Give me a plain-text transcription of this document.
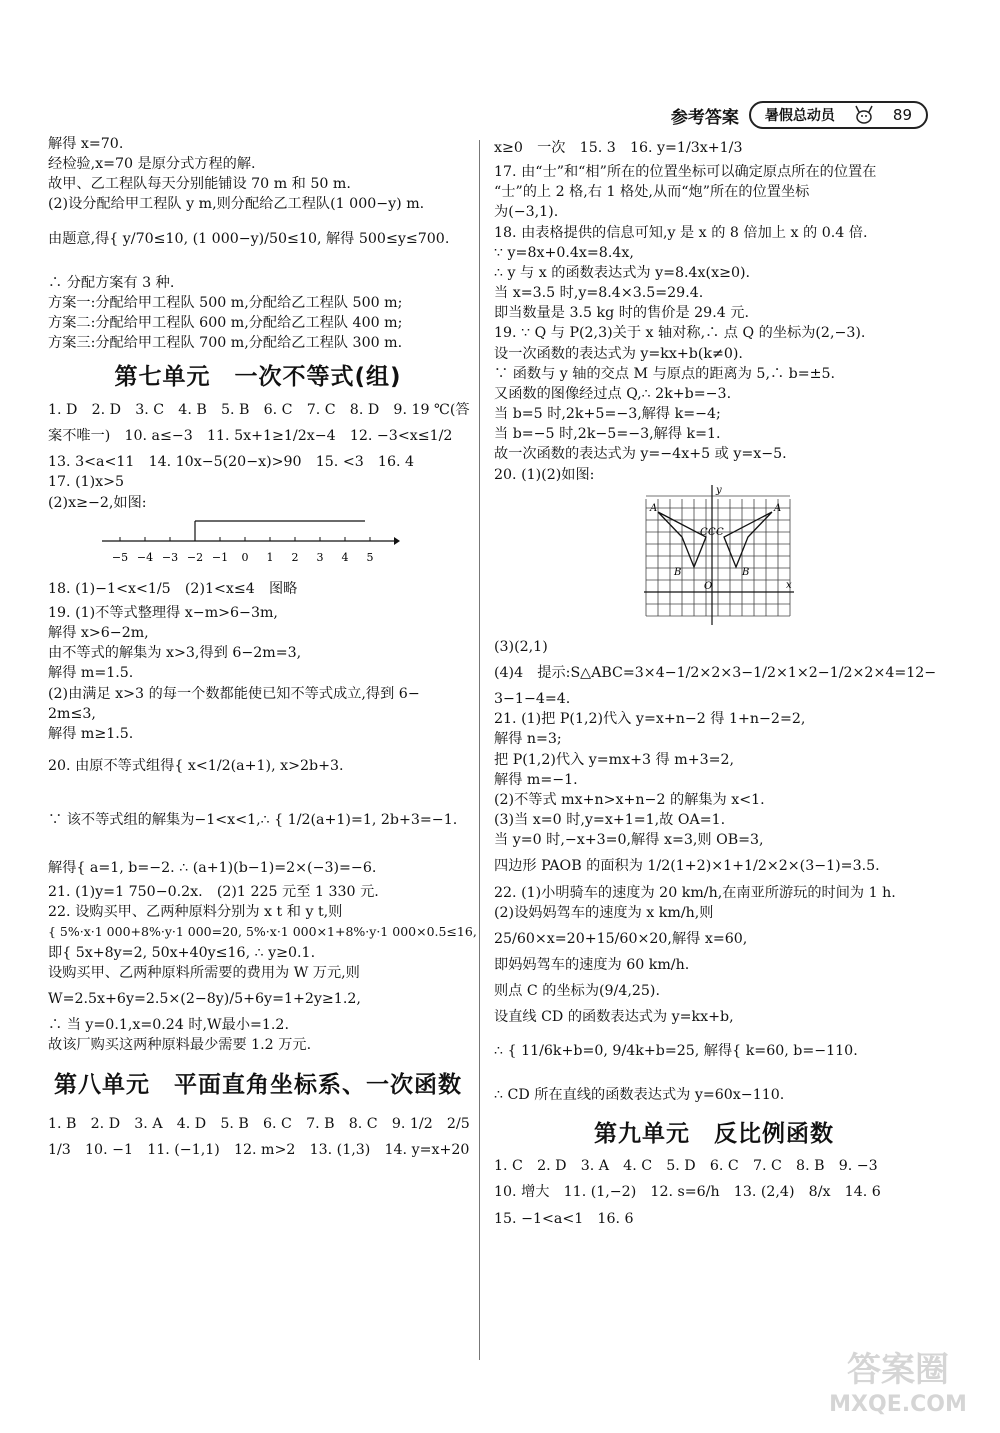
参考答案 暑假总动员	89
解得 x=70.
经检验,x=70 是原分式方程的解.
故甲、乙工程队每天分别能铺设 70 m 和 50 m.
(2)设分配给甲工程队 y m,则分配给乙工程队(1 000−y) m.
由题意,得{ y/70≤10, (1 000−y)/50≤10, 解得 500≤y≤700.
∴ 分配方案有 3 种.
方案一:分配给甲工程队 500 m,分配给乙工程队 500 m;
方案二:分配给甲工程队 600 m,分配给乙工程队 400 m;
方案三:分配给甲工程队 700 m,分配给乙工程队 300 m.
第七单元　一次不等式(组)
1. D　2. D　3. C　4. B　5. B　6. C　7. C　8. D　9. 19 ℃(答
案不唯一)　10. a≤−3　11. 5x+1≥1/2x−4　12. −3<x≤1/2
13. 3<a<11　14. 10x−5(20−x)>90　15. <3　16. 4
17. (1)x>5
(2)x≥−2,如图:
−5 −4 −3 −2 −1 0 1 2 3 4 5
18. (1)−1<x<1/5　(2)1<x≤4　图略
19. (1)不等式整理得 x−m>6−3m,
解得 x>6−2m,
由不等式的解集为 x>3,得到 6−2m=3,
解得 m=1.5.
(2)由满足 x>3 的每一个数都能使已知不等式成立,得到 6−
2m≤3,
解得 m≥1.5.
20. 由原不等式组得{ x<1/2(a+1), x>2b+3.
∵ 该不等式组的解集为−1<x<1,∴ { 1/2(a+1)=1, 2b+3=−1.
解得{ a=1, b=−2. ∴ (a+1)(b−1)=2×(−3)=−6.
21. (1)y=1 750−0.2x.　(2)1 225 元至 1 330 元.
22. 设购买甲、乙两种原料分别为 x t 和 y t,则
{ 5%·x·1 000+8%·y·1 000=20, 5%·x·1 000×1+8%·y·1 000×0.5≤16,
即{ 5x+8y=2, 50x+40y≤16, ∴ y≥0.1.
设购买甲、乙两种原料所需要的费用为 W 万元,则
W=2.5x+6y=2.5×(2−8y)/5+6y=1+2y≥1.2,
∴ 当 y=0.1,x=0.24 时,W最小=1.2.
故该厂购买这两种原料最少需要 1.2 万元.
第八单元　平面直角坐标系、一次函数
1. B　2. D　3. A　4. D　5. B　6. C　7. B　8. C　9. 1/2　2/5
1/3　10. −1　11. (−1,1)　12. m>2　13. (1,3)　14. y=x+20
x≥0　一次　15. 3　16. y=1/3x+1/3
17. 由“士”和“相”所在的位置坐标可以确定原点所在的位置在
“士”的上 2 格,右 1 格处,从而“炮”所在的位置坐标
为(−3,1).
18. 由表格提供的信息可知,y 是 x 的 8 倍加上 x 的 0.4 倍.
∵ y=8x+0.4x=8.4x,
∴ y 与 x 的函数表达式为 y=8.4x(x≥0).
当 x=3.5 时,y=8.4×3.5=29.4.
即当数量是 3.5 kg 时的售价是 29.4 元.
19. ∵ Q 与 P(2,3)关于 x 轴对称,∴ 点 Q 的坐标为(2,−3).
设一次函数的表达式为 y=kx+b(k≠0).
∵ 函数与 y 轴的交点 M 与原点的距离为 5,∴ b=±5.
又函数的图像经过点 Q,∴ 2k+b=−3.
当 b=5 时,2k+5=−3,解得 k=−4;
当 b=−5 时,2k−5=−3,解得 k=1.
故一次函数的表达式为 y=−4x+5 或 y=x−5.
20. (1)(2)如图:
A
B
C C C
A
B
O
y
x
(3)(2,1)
(4)4　提示:S△ABC=3×4−1/2×2×3−1/2×1×2−1/2×2×4=12−
3−1−4=4.
21. (1)把 P(1,2)代入 y=x+n−2 得 1+n−2=2,
解得 n=3;
把 P(1,2)代入 y=mx+3 得 m+3=2,
解得 m=−1.
(2)不等式 mx+n>x+n−2 的解集为 x<1.
(3)当 x=0 时,y=x+1=1,故 OA=1.
当 y=0 时,−x+3=0,解得 x=3,则 OB=3,
四边形 PAOB 的面积为 1/2(1+2)×1+1/2×2×(3−1)=3.5.
22. (1)小明骑车的速度为 20 km/h,在南亚所游玩的时间为 1 h.
(2)设妈妈驾车的速度为 x km/h,则
25/60×x=20+15/60×20,解得 x=60,
即妈妈驾车的速度为 60 km/h.
则点 C 的坐标为(9/4,25).
设直线 CD 的函数表达式为 y=kx+b,
∴ { 11/6k+b=0, 9/4k+b=25, 解得{ k=60, b=−110.
∴ CD 所在直线的函数表达式为 y=60x−110.
第九单元　反比例函数
1. C　2. D　3. A　4. C　5. D　6. C　7. C　8. B　9. −3
10. 增大　11. (1,−2)　12. s=6/h　13. (2,4)　8/x　14. 6
15. −1<a<1　16. 6
答案圈
MXQE.COM
